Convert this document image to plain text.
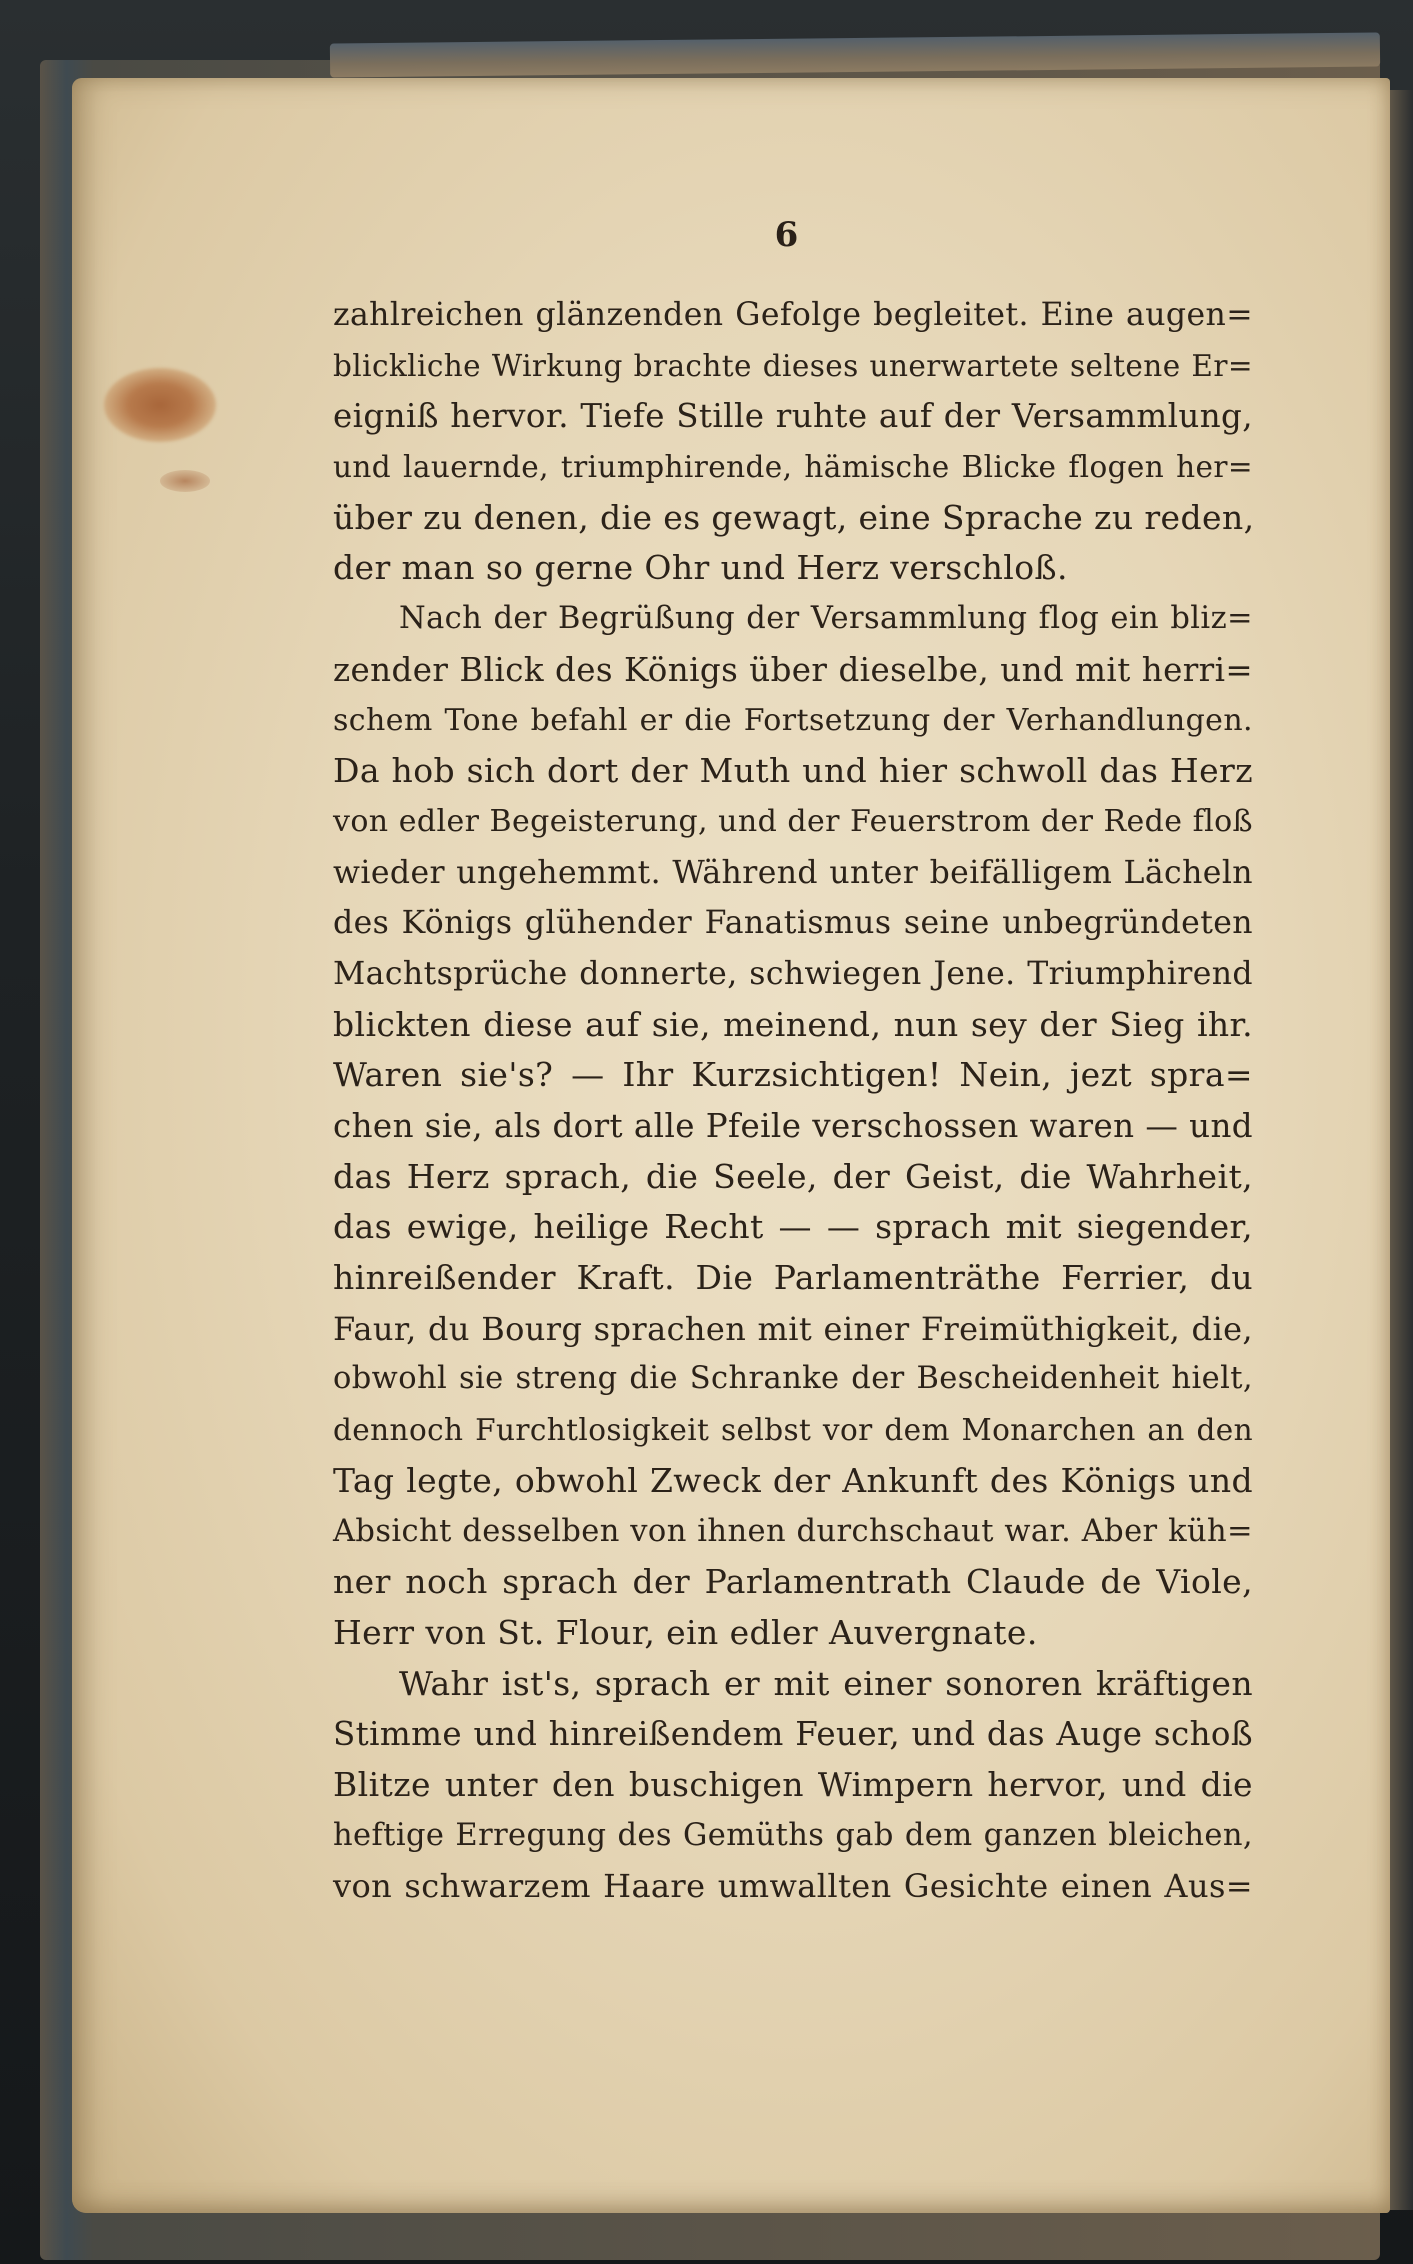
6
zahlreichen glänzenden Gefolge begleitet. Eine augen=
blickliche Wirkung brachte dieses unerwartete seltene Er=
eigniß hervor. Tiefe Stille ruhte auf der Versammlung,
und lauernde, triumphirende, hämische Blicke flogen her=
über zu denen, die es gewagt, eine Sprache zu reden,
der man so gerne Ohr und Herz verschloß.
Nach der Begrüßung der Versammlung flog ein bliz=
zender Blick des Königs über dieselbe, und mit herri=
schem Tone befahl er die Fortsetzung der Verhandlungen.
Da hob sich dort der Muth und hier schwoll das Herz
von edler Begeisterung, und der Feuerstrom der Rede floß
wieder ungehemmt. Während unter beifälligem Lächeln
des Königs glühender Fanatismus seine unbegründeten
Machtsprüche donnerte, schwiegen Jene. Triumphirend
blickten diese auf sie, meinend, nun sey der Sieg ihr.
Waren sie's? — Ihr Kurzsichtigen! Nein, jezt spra=
chen sie, als dort alle Pfeile verschossen waren — und
das Herz sprach, die Seele, der Geist, die Wahrheit,
das ewige, heilige Recht — — sprach mit siegender,
hinreißender Kraft. Die Parlamenträthe Ferrier, du
Faur, du Bourg sprachen mit einer Freimüthigkeit, die,
obwohl sie streng die Schranke der Bescheidenheit hielt,
dennoch Furchtlosigkeit selbst vor dem Monarchen an den
Tag legte, obwohl Zweck der Ankunft des Königs und
Absicht desselben von ihnen durchschaut war. Aber küh=
ner noch sprach der Parlamentrath Claude de Viole,
Herr von St. Flour, ein edler Auvergnate.
Wahr ist's, sprach er mit einer sonoren kräftigen
Stimme und hinreißendem Feuer, und das Auge schoß
Blitze unter den buschigen Wimpern hervor, und die
heftige Erregung des Gemüths gab dem ganzen bleichen,
von schwarzem Haare umwallten Gesichte einen Aus=
